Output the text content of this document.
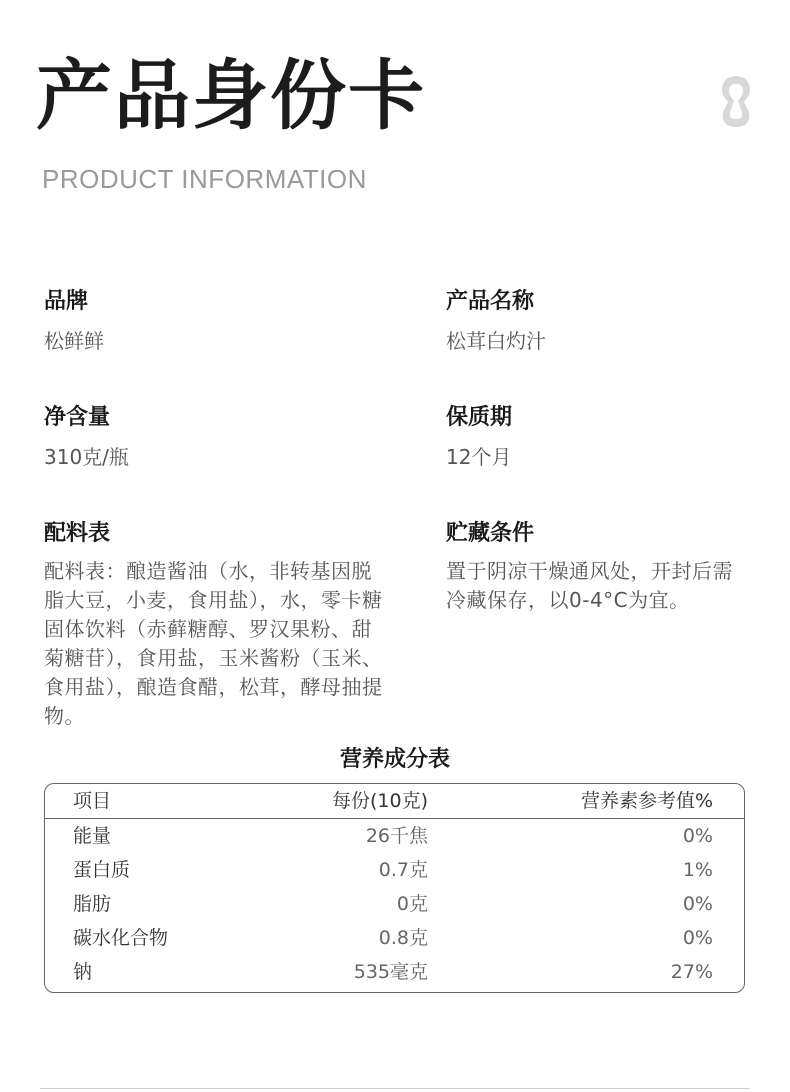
产品身份卡
PRODUCT INFORMATION
品牌
松鲜鲜
产品名称
松茸白灼汁
净含量
310克/瓶
保质期
12个月
配料表
配料表：酿造酱油（水，非转基因脱脂大豆，小麦，食用盐），水，零卡糖固体饮料（赤藓糖醇、罗汉果粉、甜菊糖苷），食用盐，玉米酱粉（玉米、食用盐），酿造食醋，松茸，酵母抽提物。
贮藏条件
置于阴凉干燥通风处，开封后需冷藏保存，以0-4°C为宜。
营养成分表
项目	每份(10克)	营养素参考值%
能量	26千焦	0%
蛋白质	0.7克	1%
脂肪	0克	0%
碳水化合物	0.8克	0%
钠	535毫克	27%
